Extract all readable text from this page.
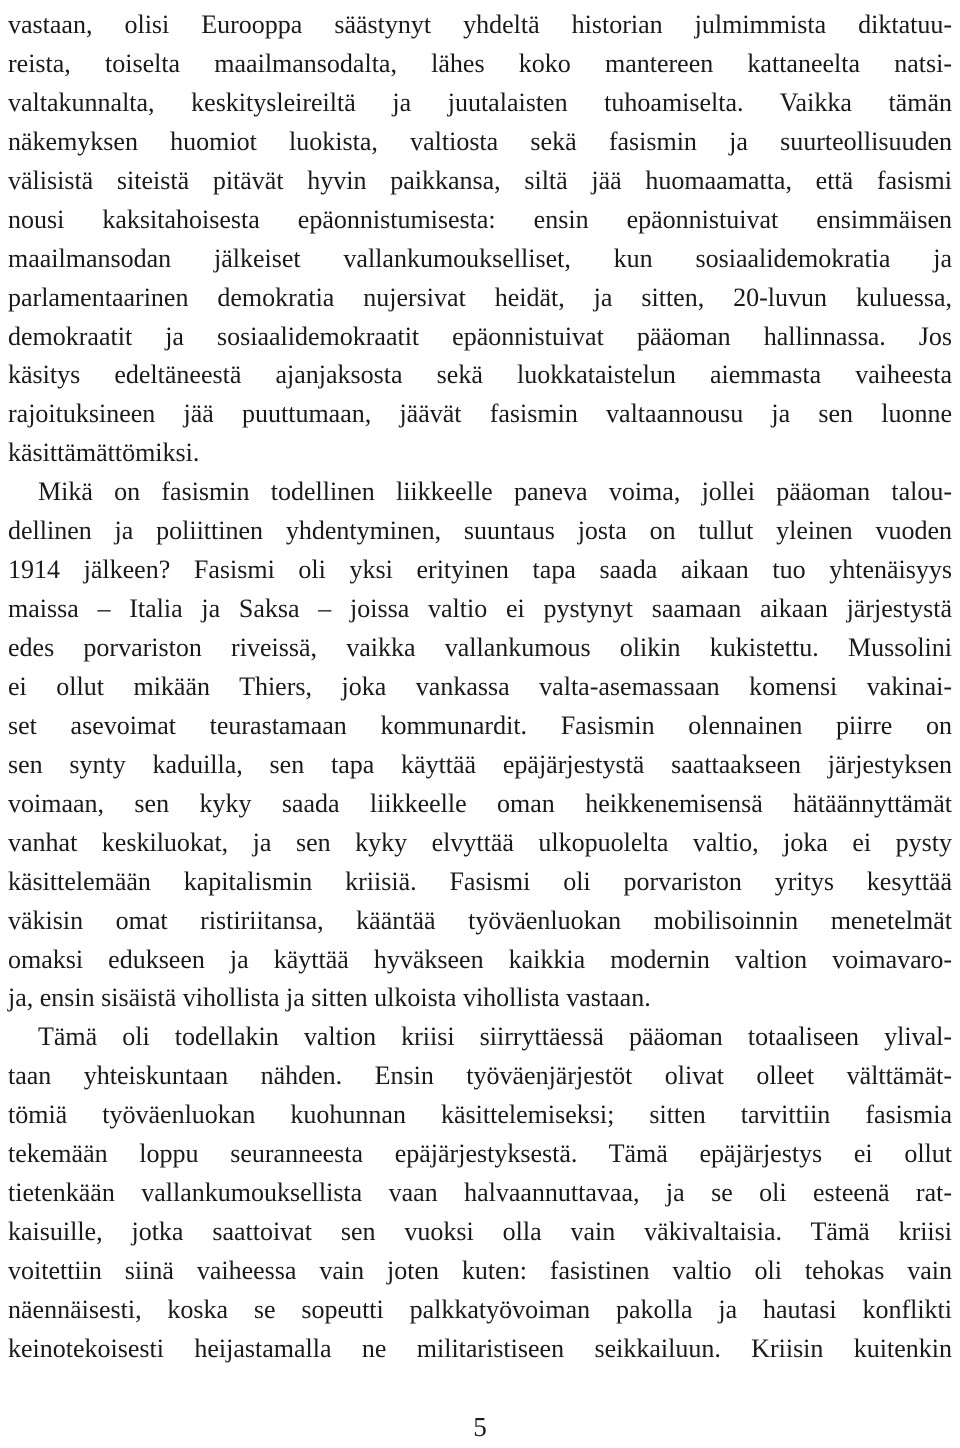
vastaan, olisi Eurooppa säästynyt yhdeltä historian julmimmista diktatuu-
reista, toiselta maailmansodalta, lähes koko mantereen kattaneelta natsi-
valtakunnalta, keskitysleireiltä ja juutalaisten tuhoamiselta. Vaikka tämän
näkemyksen huomiot luokista, valtiosta sekä fasismin ja suurteollisuuden
välisistä siteistä pitävät hyvin paikkansa, siltä jää huomaamatta, että fasismi
nousi kaksitahoisesta epäonnistumisesta: ensin epäonnistuivat ensimmäisen
maailmansodan jälkeiset vallankumoukselliset, kun sosiaalidemokratia ja
parlamentaarinen demokratia nujersivat heidät, ja sitten, 20-luvun kuluessa,
demokraatit ja sosiaalidemokraatit epäonnistuivat pääoman hallinnassa. Jos
käsitys edeltäneestä ajanjaksosta sekä luokkataistelun aiemmasta vaiheesta
rajoituksineen jää puuttumaan, jäävät fasismin valtaannousu ja sen luonne
käsittämättömiksi.
Mikä on fasismin todellinen liikkeelle paneva voima, jollei pääoman talou-
dellinen ja poliittinen yhdentyminen, suuntaus josta on tullut yleinen vuoden
1914 jälkeen? Fasismi oli yksi erityinen tapa saada aikaan tuo yhtenäisyys
maissa – Italia ja Saksa – joissa valtio ei pystynyt saamaan aikaan järjestystä
edes porvariston riveissä, vaikka vallankumous olikin kukistettu. Mussolini
ei ollut mikään Thiers, joka vankassa valta-asemassaan komensi vakinai-
set asevoimat teurastamaan kommunardit. Fasismin olennainen piirre on
sen synty kaduilla, sen tapa käyttää epäjärjestystä saattaakseen järjestyksen
voimaan, sen kyky saada liikkeelle oman heikkenemisensä hätäännyttämät
vanhat keskiluokat, ja sen kyky elvyttää ulkopuolelta valtio, joka ei pysty
käsittelemään kapitalismin kriisiä. Fasismi oli porvariston yritys kesyttää
väkisin omat ristiriitansa, kääntää työväenluokan mobilisoinnin menetelmät
omaksi edukseen ja käyttää hyväkseen kaikkia modernin valtion voimavaro-
ja, ensin sisäistä vihollista ja sitten ulkoista vihollista vastaan.
Tämä oli todellakin valtion kriisi siirryttäessä pääoman totaaliseen ylival-
taan yhteiskuntaan nähden. Ensin työväenjärjestöt olivat olleet välttämät-
tömiä työväenluokan kuohunnan käsittelemiseksi; sitten tarvittiin fasismia
tekemään loppu seuranneesta epäjärjestyksestä. Tämä epäjärjestys ei ollut
tietenkään vallankumouksellista vaan halvaannuttavaa, ja se oli esteenä rat-
kaisuille, jotka saattoivat sen vuoksi olla vain väkivaltaisia. Tämä kriisi
voitettiin siinä vaiheessa vain joten kuten: fasistinen valtio oli tehokas vain
näennäisesti, koska se sopeutti palkkatyövoiman pakolla ja hautasi konflikti
keinotekoisesti heijastamalla ne militaristiseen seikkailuun. Kriisin kuitenkin
5
